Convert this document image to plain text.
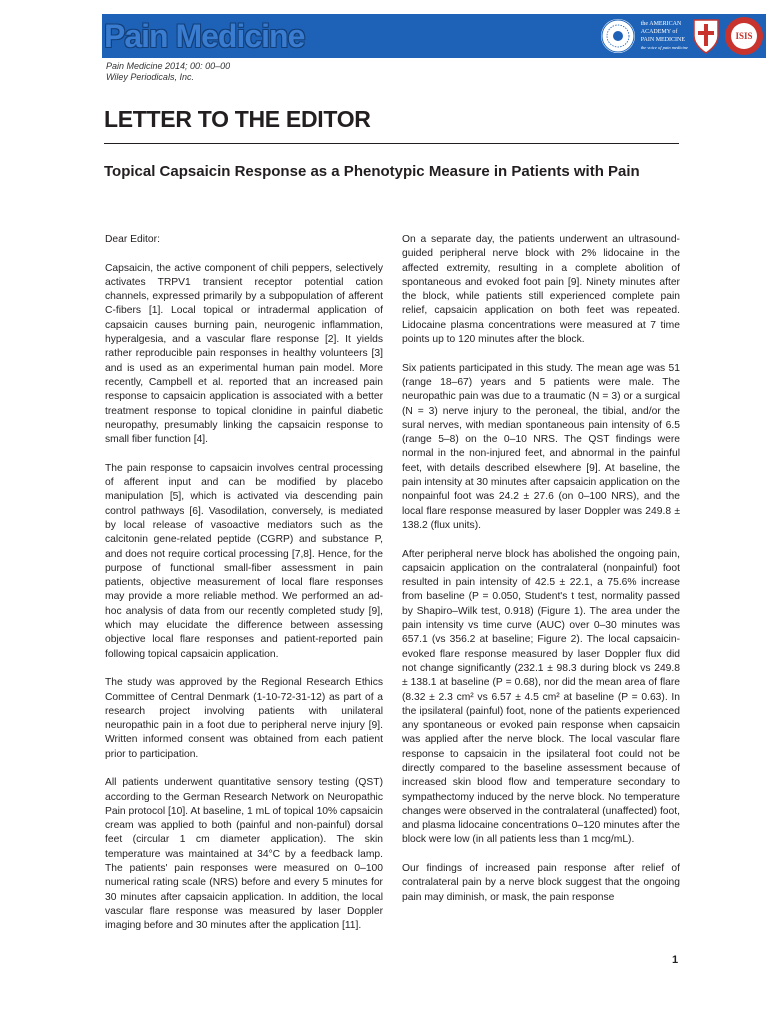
Pain Medicine	the AMERICAN
ACADEMY of
PAIN MEDICINE
the voice of pain medicine
ISIS
Pain Medicine 2014; 00: 00–00
Wiley Periodicals, Inc.
LETTER TO THE EDITOR
Topical Capsaicin Response as a Phenotypic Measure in Patients with Pain

Dear Editor:

Capsaicin, the active component of chili peppers, selectively activates TRPV1 transient receptor potential cation channels, expressed primarily by a subpopulation of afferent C-fibers [1]. Local topical or intradermal application of capsaicin causes burning pain, neurogenic inflammation, hyperalgesia, and a vascular flare response [2]. It yields rather reproducible pain responses in healthy volunteers [3] and is used as an experimental human pain model. More recently, Campbell et al. reported that an increased pain response to capsaicin application is associated with a better treatment response to topical clonidine in painful diabetic neuropathy, presumably linking the capsaicin response to small fiber function [4].

The pain response to capsaicin involves central processing of afferent input and can be modified by placebo manipulation [5], which is activated via descending pain control pathways [6]. Vasodilation, conversely, is mediated by local release of vasoactive mediators such as the calcitonin gene-related peptide (CGRP) and substance P, and does not require cortical processing [7,8]. Hence, for the purpose of functional small-fiber assessment in pain patients, objective measurement of local flare responses may provide a more reliable method. We performed an ad-hoc analysis of data from our recently completed study [9], which may elucidate the difference between assessing objective local flare responses and patient-reported pain following topical capsaicin application.

The study was approved by the Regional Research Ethics Committee of Central Denmark (1-10-72-31-12) as part of a research project involving patients with unilateral neuropathic pain in a foot due to peripheral nerve injury [9]. Written informed consent was obtained from each patient prior to participation.

All patients underwent quantitative sensory testing (QST) according to the German Research Network on Neuropathic Pain protocol [10]. At baseline, 1 mL of topical 10% capsaicin cream was applied to both (painful and non-painful) dorsal feet (circular 1 cm diameter application). The skin temperature was maintained at 34°C by a feedback lamp. The patients' pain responses were measured on 0–100 numerical rating scale (NRS) before and every 5 minutes for 30 minutes after capsaicin application. In addition, the local vascular flare response was measured by laser Doppler imaging before and 30 minutes after the application [11].

On a separate day, the patients underwent an ultrasound-guided peripheral nerve block with 2% lidocaine in the affected extremity, resulting in a complete abolition of spontaneous and evoked foot pain [9]. Ninety minutes after the block, while patients still experienced complete pain relief, capsaicin application on both feet was repeated. Lidocaine plasma concentrations were measured at 7 time points up to 120 minutes after the block.

Six patients participated in this study. The mean age was 51 (range 18–67) years and 5 patients were male. The neuropathic pain was due to a traumatic (N = 3) or a surgical (N = 3) nerve injury to the peroneal, the tibial, and/or the sural nerves, with median spontaneous pain intensity of 6.5 (range 5–8) on the 0–10 NRS. The QST findings were normal in the non-injured feet, and abnormal in the painful feet, with details described elsewhere [9]. At baseline, the pain intensity at 30 minutes after capsaicin application on the nonpainful foot was 24.2 ± 27.6 (on 0–100 NRS), and the local flare response measured by laser Doppler was 249.8 ± 138.2 (flux units).

After peripheral nerve block has abolished the ongoing pain, capsaicin application on the contralateral (nonpainful) foot resulted in pain intensity of 42.5 ± 22.1, a 75.6% increase from baseline (P = 0.050, Student's t test, normality passed by Shapiro–Wilk test, 0.918) (Figure 1). The area under the pain intensity vs time curve (AUC) over 0–30 minutes was 657.1 (vs 356.2 at baseline; Figure 2). The local capsaicin-evoked flare response measured by laser Doppler flux did not change significantly (232.1 ± 98.3 during block vs 249.8 ± 138.1 at baseline (P = 0.68), nor did the mean area of flare (8.32 ± 2.3 cm² vs 6.57 ± 4.5 cm² at baseline (P = 0.63). In the ipsilateral (painful) foot, none of the patients experienced any spontaneous or evoked pain response when capsaicin was applied after the nerve block. The local vascular flare response to capsaicin in the ipsilateral foot could not be directly compared to the baseline assessment because of increased skin blood flow and temperature secondary to sympathectomy induced by the nerve block. No temperature changes were observed in the contralateral (unaffected) foot, and plasma lidocaine concentrations 0–120 minutes after the block were low (in all patients less than 1 mcg/mL).

Our findings of increased pain response after relief of contralateral pain by a nerve block suggest that the ongoing pain may diminish, or mask, the pain response

1
